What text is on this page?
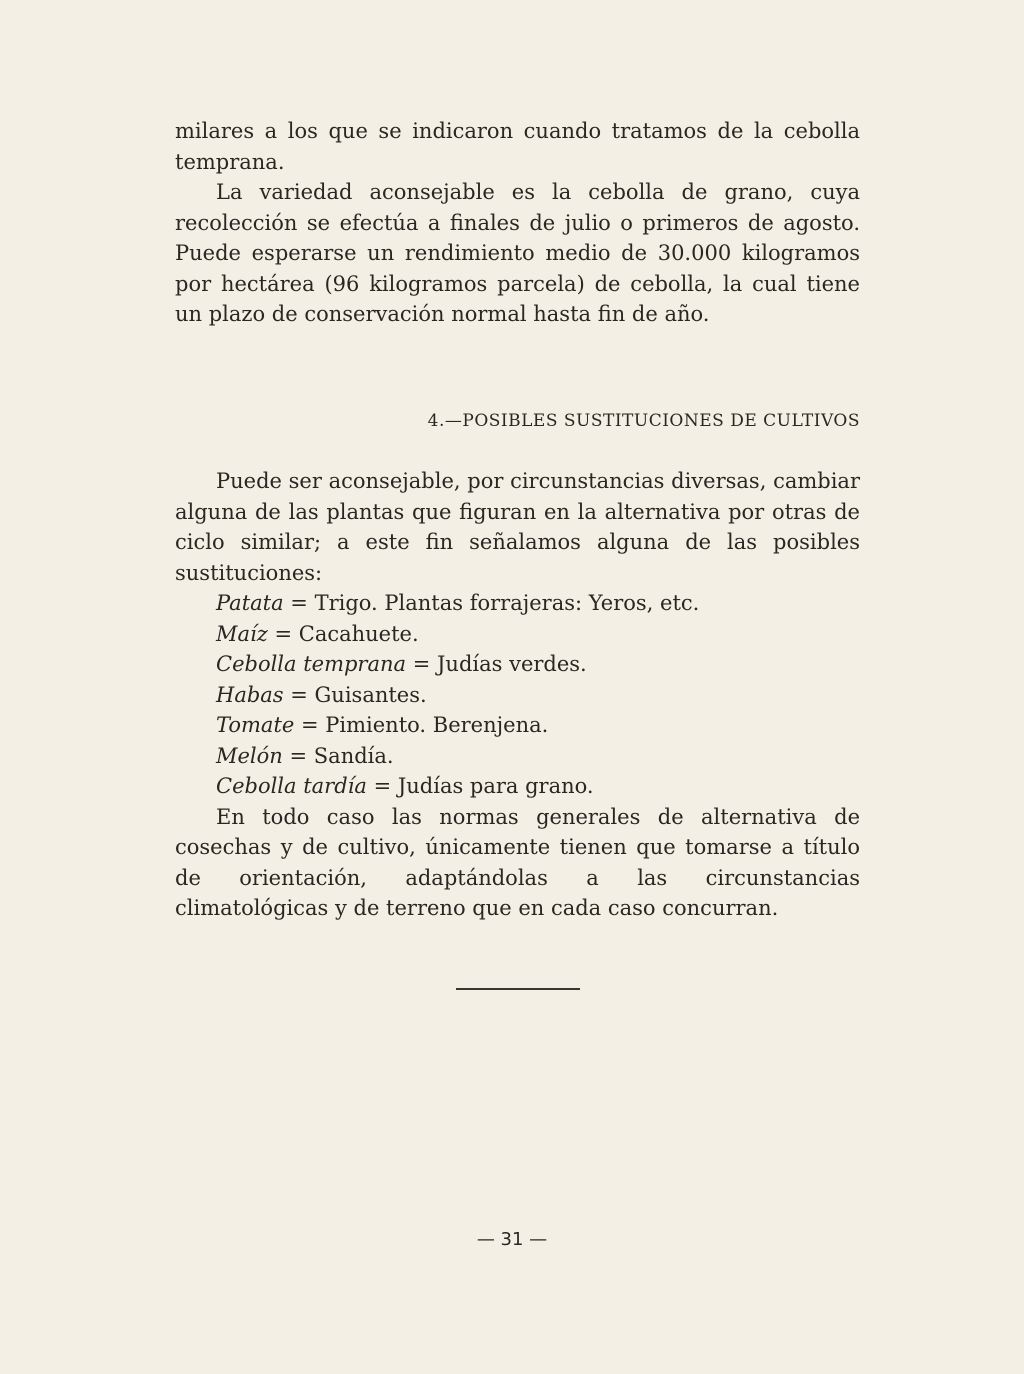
milares a los que se indicaron cuando tratamos de la cebolla temprana.

La variedad aconsejable es la cebolla de grano, cuya recolección se efectúa a finales de julio o primeros de agosto. Puede esperarse un rendimiento medio de 30.000 kilogramos por hectárea (96 kilogramos parcela) de cebolla, la cual tiene un plazo de conservación normal hasta fin de año.

4.—POSIBLES SUSTITUCIONES DE CULTIVOS

Puede ser aconsejable, por circunstancias diversas, cambiar alguna de las plantas que figuran en la alternativa por otras de ciclo similar; a este fin señalamos alguna de las posibles sustituciones:

Patata = Trigo. Plantas forrajeras: Yeros, etc.

Maíz = Cacahuete.

Cebolla temprana = Judías verdes.

Habas = Guisantes.

Tomate = Pimiento. Berenjena.

Melón = Sandía.

Cebolla tardía = Judías para grano.

En todo caso las normas generales de alternativa de cosechas y de cultivo, únicamente tienen que tomarse a título de orientación, adaptándolas a las circunstancias climatológicas y de terreno que en cada caso concurran.

— 31 —
